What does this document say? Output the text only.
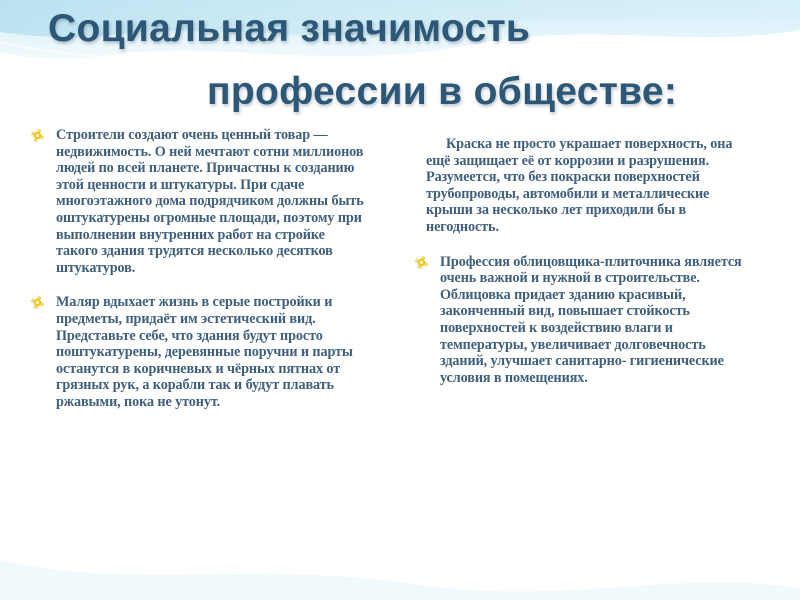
Социальная значимость
профессии в обществе:

Строители создают очень ценный товар — недвижимость. О ней мечтают сотни миллионов людей по всей планете. Причастны к созданию этой ценности и штукатуры. При сдаче многоэтажного дома подрядчиком должны быть оштукатурены огромные площади, поэтому при выполнении внутренних работ на стройке такого здания трудятся несколько десятков штукатуров.

Маляр вдыхает жизнь в серые постройки и предметы, придаёт им эстетический вид. Представьте себе, что здания будут просто поштукатурены, деревянные поручни и парты останутся в коричневых и чёрных пятнах от грязных рук, а корабли так и будут плавать ржавыми, пока не утонут.

Краска не просто украшает поверхность, она ещё защищает её от коррозии и разрушения. Разумеется, что без покраски поверхностей трубопроводы, автомобили и металлические крыши за несколько лет приходили бы в негодность.

Профессия облицовщика-плиточника является очень важной и нужной в строительстве. Облицовка придает зданию красивый, законченный вид, повышает стойкость поверхностей к воздействию влаги и температуры, увеличивает долговечность зданий, улучшает санитарно- гигиенические условия в помещениях.
